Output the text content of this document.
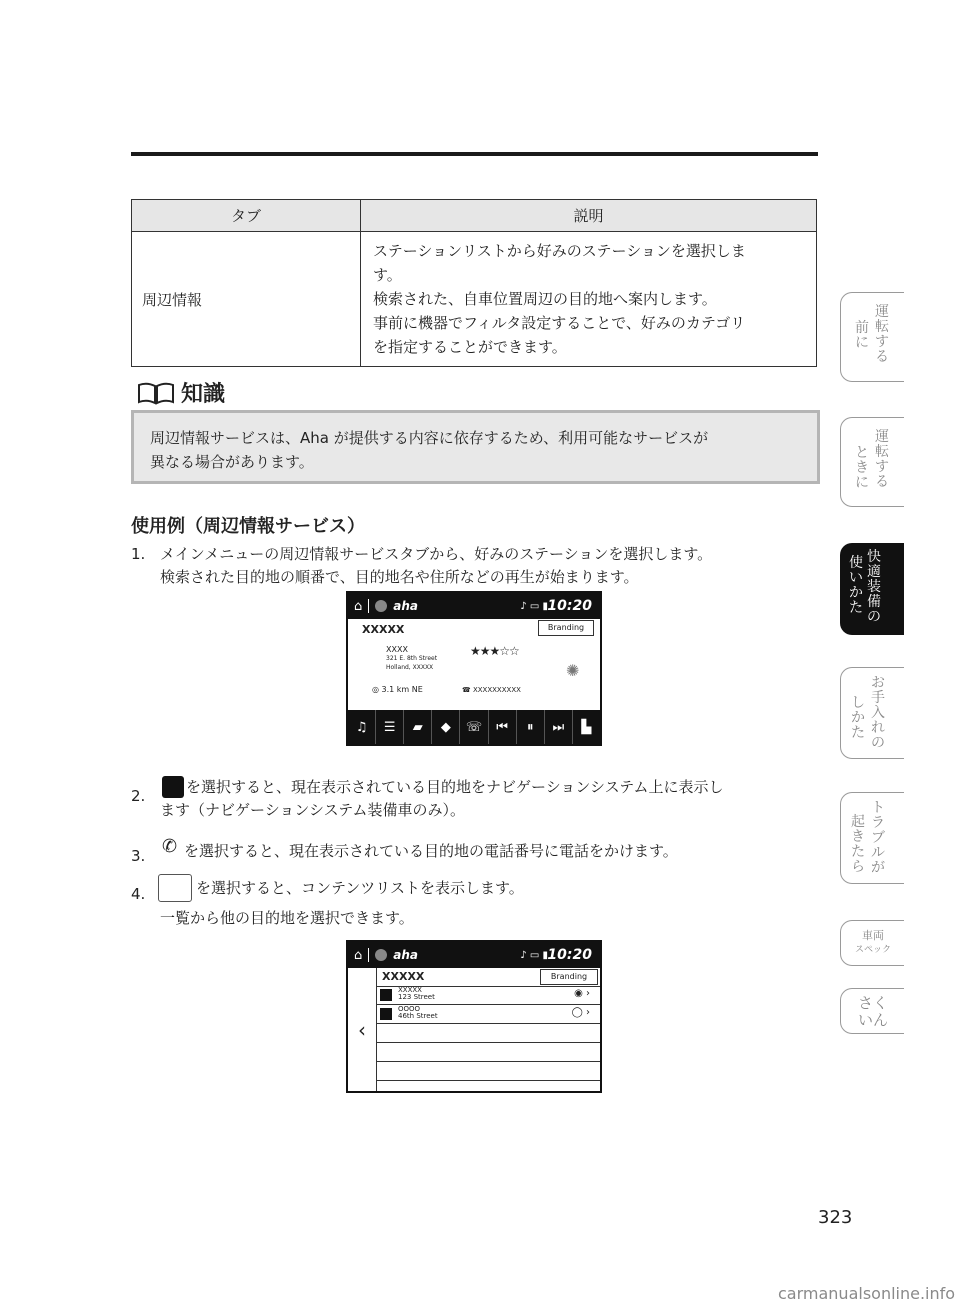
タブ	説明
周辺情報	ステーションリストから好みのステーションを選択しま
す。
検索された、自車位置周辺の目的地へ案内します。
事前に機器でフィルタ設定することで、好みのカテゴリ
を指定することができます。
知識
周辺情報サービスは、Aha が提供する内容に依存するため、利用可能なサービスが
異なる場合があります。
使用例（周辺情報サービス）
1. メインメニューの周辺情報サービスタブから、好みのステーションを選択します。
検索された目的地の順番で、目的地名や住所などの再生が始まります。
⌂	aha	♪ ▭ ▮ 10:20
XXXXX	Branding
XXXX
321 E. 8th Street
Holland, XXXXX
★★★☆☆
✺
◎ 3.1 km NE	☎ XXXXXXXXXX
♫	☰	▰	◆	☏	⏮	⏸	⏭	▙
2.	を選択すると、現在表示されている目的地をナビゲーションシステム上に表示し
ます（ナビゲーションシステム装備車のみ）。
3. ✆ を選択すると、現在表示されている目的地の電話番号に電話をかけます。
4.	を選択すると、コンテンツリストを表示します。
一覧から他の目的地を選択できます。
⌂	aha	♪ ▭ ▮ 10:20
‹
XXXXX	Branding
XXXXX
123 Street	◉ ›
OOOO
46th Street	◯ ›
運
転
す
る
前
に
運
転
す
る
と
き
に
快
適
装
備
の
使
い
か
た
お
手
入
れ
の
し
か
た
ト
ラ
ブ
ル
が
起
き
た
ら
車両
スペック
さく
いん
323
carmanualsonline.info
